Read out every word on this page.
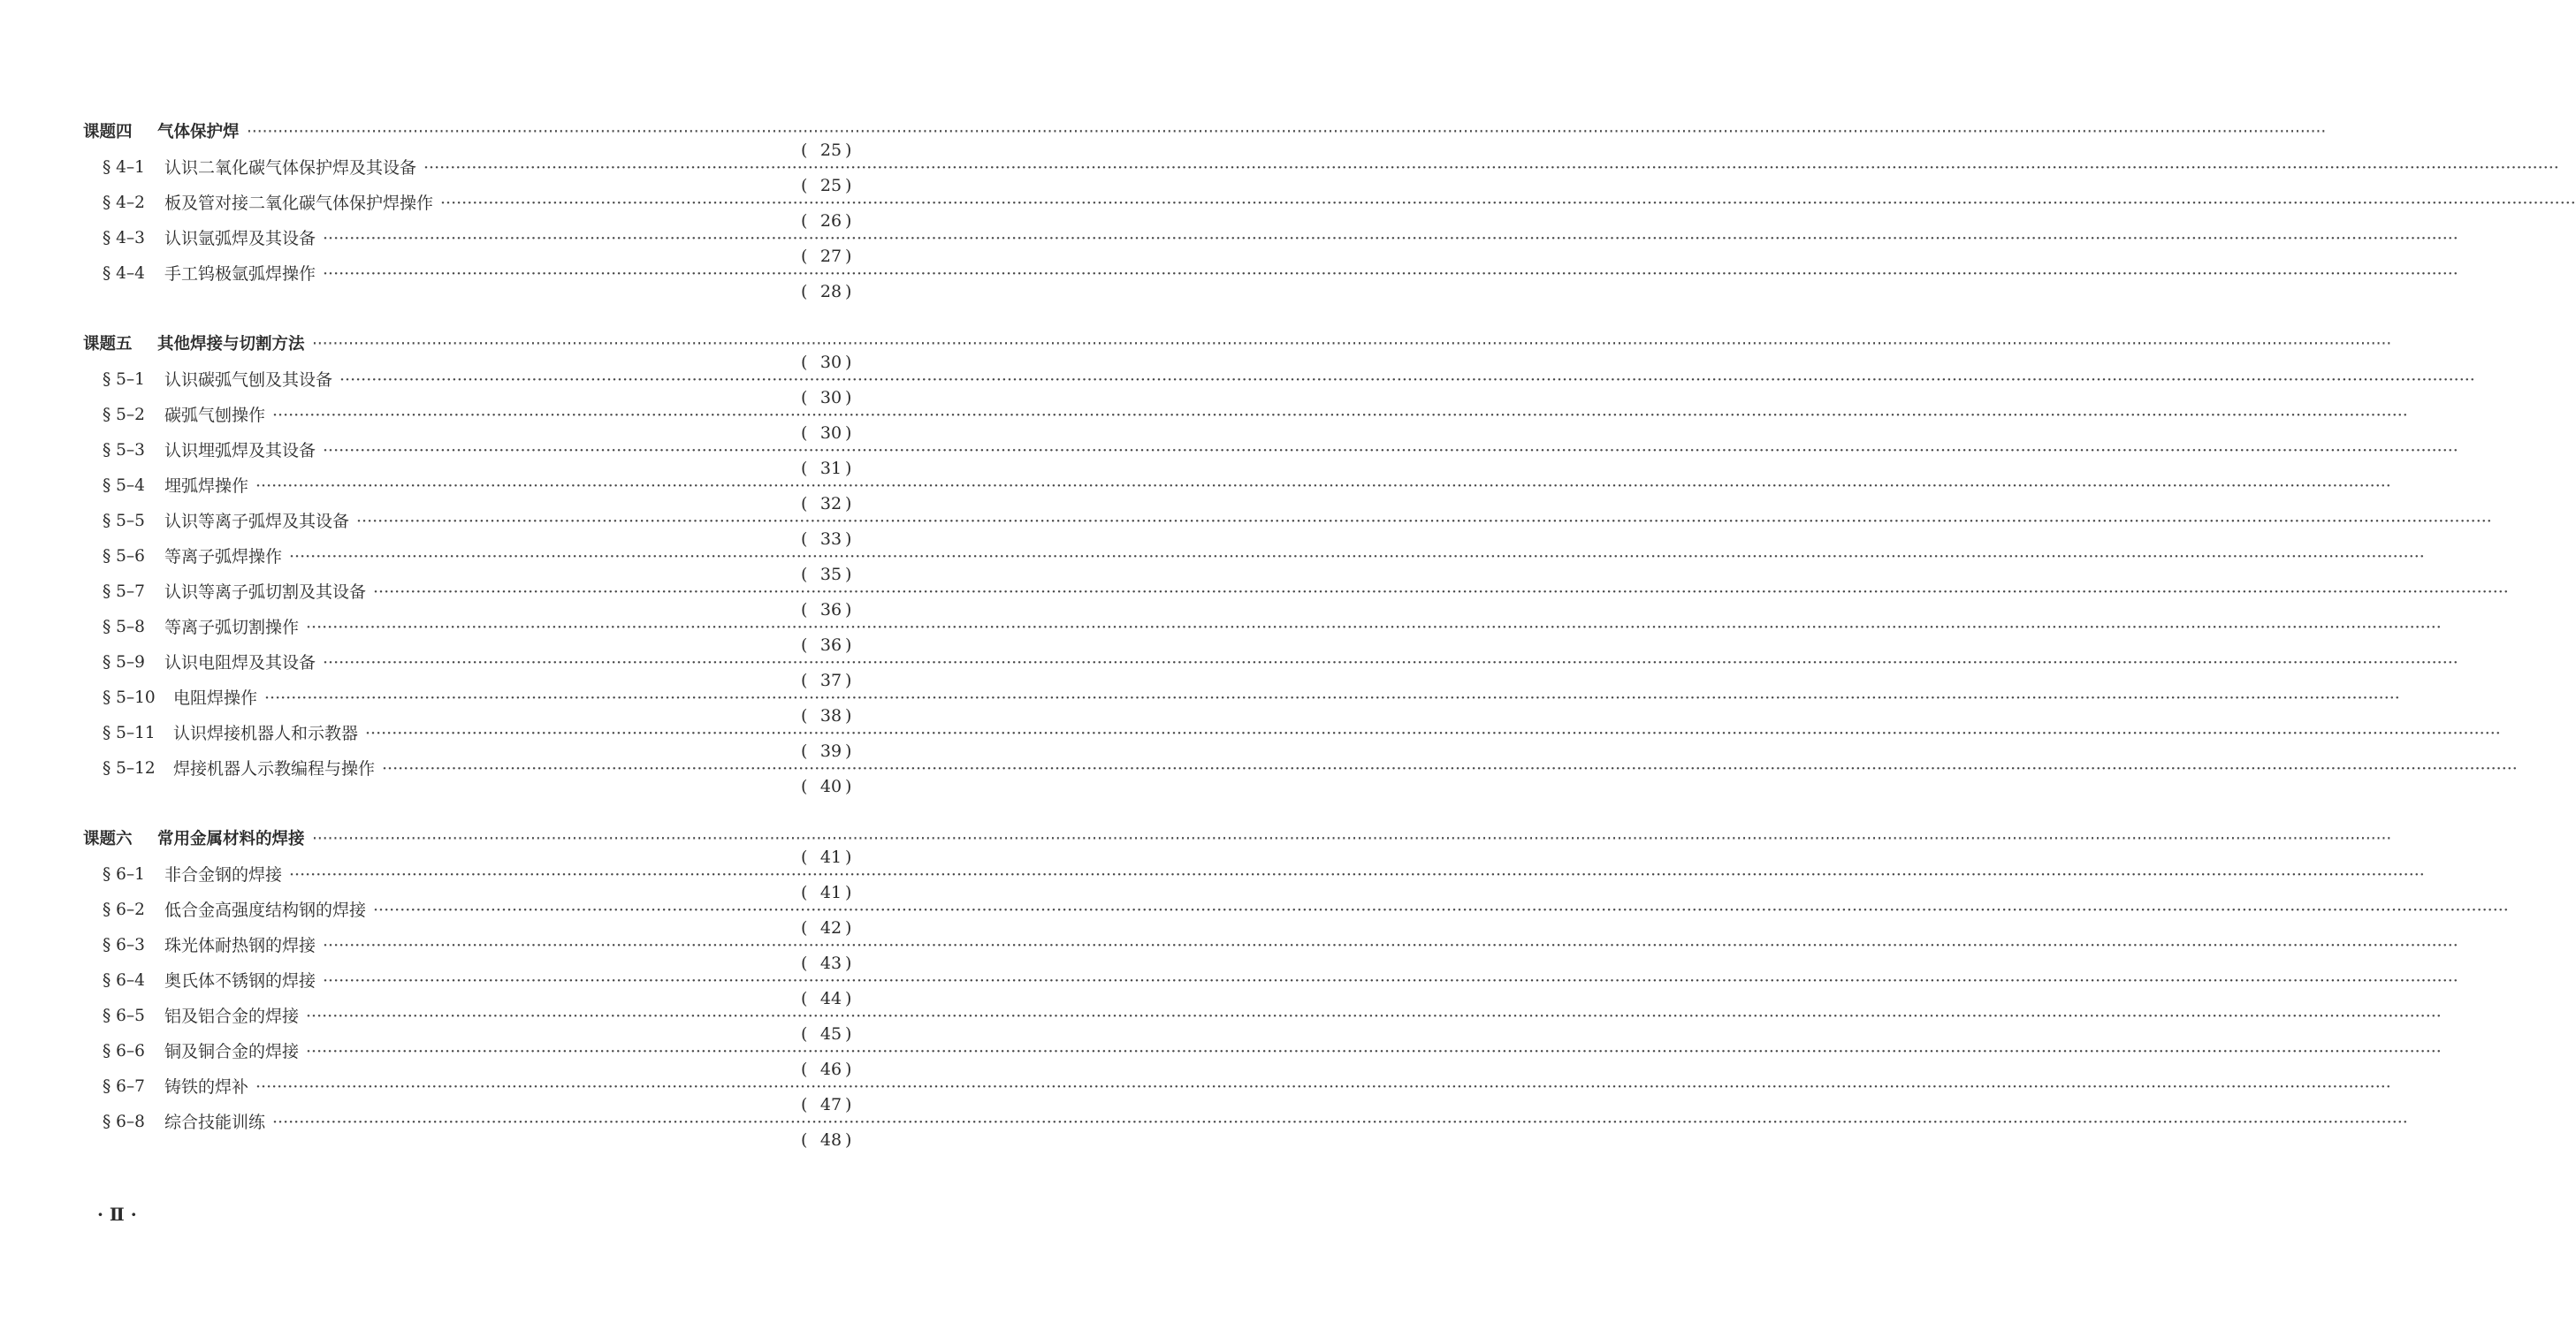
课题四 气体保护焊 ················································································································································································································································································································································································································
( 25 )
§ 4–1 认识二氧化碳气体保护焊及其设备 ················································································································································································································································································································································································································
( 25 )
§ 4–2 板及管对接二氧化碳气体保护焊操作 ················································································································································································································································································································································································································
( 26 )
§ 4–3 认识氩弧焊及其设备 ················································································································································································································································································································································································································
( 27 )
§ 4–4 手工钨极氩弧焊操作 ················································································································································································································································································································································································································
( 28 )
课题五 其他焊接与切割方法 ················································································································································································································································································································································································································
( 30 )
§ 5–1 认识碳弧气刨及其设备 ················································································································································································································································································································································································································
( 30 )
§ 5–2 碳弧气刨操作 ················································································································································································································································································································································································································
( 30 )
§ 5–3 认识埋弧焊及其设备 ················································································································································································································································································································································································································
( 31 )
§ 5–4 埋弧焊操作 ················································································································································································································································································································································································································
( 32 )
§ 5–5 认识等离子弧焊及其设备 ················································································································································································································································································································································································································
( 33 )
§ 5–6 等离子弧焊操作 ················································································································································································································································································································································································································
( 35 )
§ 5–7 认识等离子弧切割及其设备 ················································································································································································································································································································································································································
( 36 )
§ 5–8 等离子弧切割操作 ················································································································································································································································································································································································································
( 36 )
§ 5–9 认识电阻焊及其设备 ················································································································································································································································································································································································································
( 37 )
§ 5–10 电阻焊操作 ················································································································································································································································································································································································································
( 38 )
§ 5–11 认识焊接机器人和示教器 ················································································································································································································································································································································································································
( 39 )
§ 5–12 焊接机器人示教编程与操作 ················································································································································································································································································································································································································
( 40 )
课题六 常用金属材料的焊接 ················································································································································································································································································································································································································
( 41 )
§ 6–1 非合金钢的焊接 ················································································································································································································································································································································································································
( 41 )
§ 6–2 低合金高强度结构钢的焊接 ················································································································································································································································································································································································································
( 42 )
§ 6–3 珠光体耐热钢的焊接 ················································································································································································································································································································································································································
( 43 )
§ 6–4 奥氏体不锈钢的焊接 ················································································································································································································································································································································································································
( 44 )
§ 6–5 铝及铝合金的焊接 ················································································································································································································································································································································································································
( 45 )
§ 6–6 铜及铜合金的焊接 ················································································································································································································································································································································································································
( 46 )
§ 6–7 铸铁的焊补 ················································································································································································································································································································································································································
( 47 )
§ 6–8 综合技能训练 ················································································································································································································································································································································································································
( 48 )
· Ⅱ ·
